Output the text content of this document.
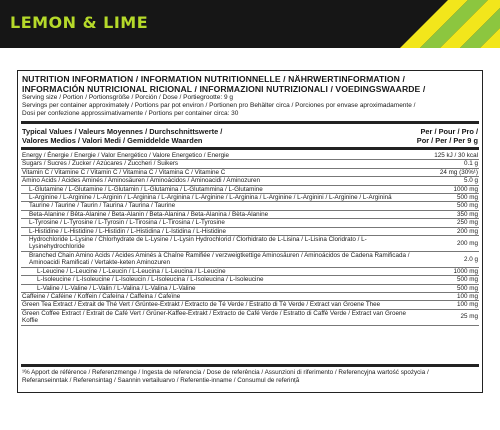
LEMON & LIME
NUTRITION INFORMATION / INFORMATION NUTRITIONNELLE / NÄHRWERTINFORMATION /
INFORMACIÓN NUTRICIONAL RICIONAL / INFORMAZIONI NUTRIZIONALI / VOEDINGSWAARDE /
Serving size / Portion / Portionsgröße / Porción / Dose / Portiegrootte: 9 g
Servings per container approximately / Portions par pot environ / Portionen pro Behälter circa / Porciones por envase aproximadamente /
Dosi per confezione approssimativamente / Portions per container circa: 30
Typical Values / Valeurs Moyennes / Durchschnittswerte /	Per / Pour / Pro /
Valores Medios / Valori Medi / Gemiddelde Waarden	Por / Per / Per 9 g
Energy / Énergie / Energie / Valor Energético / Valore Energetico / Energie	125 kJ / 30 kcal
Sugars / Sucres / Zucker / Azúcares / Zuccheri / Suikers	0.1 g
Vitamin C / Vitamine C / Vitamin C / Vitamina C / Vitamina C / Vitamine C	24 mg (30%¹)
Amino Acids / Acides Aminés / Aminosäuren / Aminoácidos / Aminoacidi / Aminozuren	5.0 g
L-Glutamine / L-Glutamine / L-Glutamin / L-Glutamina / L-Glutammina / L-Glutamine	1000 mg
L-Arginine / L-Arginine / L-Arginin / L-Arginina / L-Arginina / L-Arginine / L-Arginina / L-Arginine / L-Arginini / L-Arginine / L-Argininä	500 mg
Taurine / Taurine / Taurin / Taurina / Taurina / Taurine	500 mg
Beta-Alanine / Bêta-Alanine / Beta-Alanin / Beta-Alanina / Beta-Alanina / Bèta-Alanine	350 mg
L-Tyrosine / L-Tyrosine / L-Tyrosin / L-Tirosina / L-Tirosina / L-Tyrosine	250 mg
L-Histidine / L-Histidine / L-Histidin / L-Histidina / L-Istidina / L-Histidine	200 mg
Hydrochloride L-Lysine / Chlorhydrate de L-Lysine / L-Lysin Hydrochlorid / Clorhidrato de L-Lisina / L-Lisina Cloridrato / L-Lysinehydrochloride
200 mg
Branched Chain Amino Acids / Acides Aminés à Chaîne Ramifiée / verzweigtkettige Aminosäuren / Aminoácidos de Cadena Ramificada / Aminoacidi Ramificati / Vertakte-keten Aminozuren
2.0 g
L-Leucine / L-Leucine / L-Leucin / L-Leucina / L-Leucina / L-Leucine	1000 mg
L-Isoleucine / L-Isoleucine / L-Isoleucin / L-Isoleucina / L-Isoleucina / L-Isoleucine	500 mg
L-Valine / L-Valine / L-Valin / L-Valina / L-Valina / L-Valine	500 mg
Caffeine / Caféine / Koffein / Cafeína / Caffeina / Cafeïne	100 mg
Green Tea Extract / Extrait de Thé Vert / Grüntee-Extrakt / Extracto de Té Verde / Estratto di Tè Verde / Extract van Groene Thee	100 mg
Green Coffee Extract / Extrait de Café Vert / Grüner-Kaffee-Extrakt / Extracto de Café Verde / Estratto di Caffè Verde / Extract van Groene Koffie
25 mg
¹% Apport de référence / Referenzmenge / Ingesta de referencia / Dose de referência / Assunzioni di riferimento / Referencyjna wartość spożycia /
Referanseinntak / Referensintag / Saannin vertailuarvo / Referentie-inname / Consumul de referință
